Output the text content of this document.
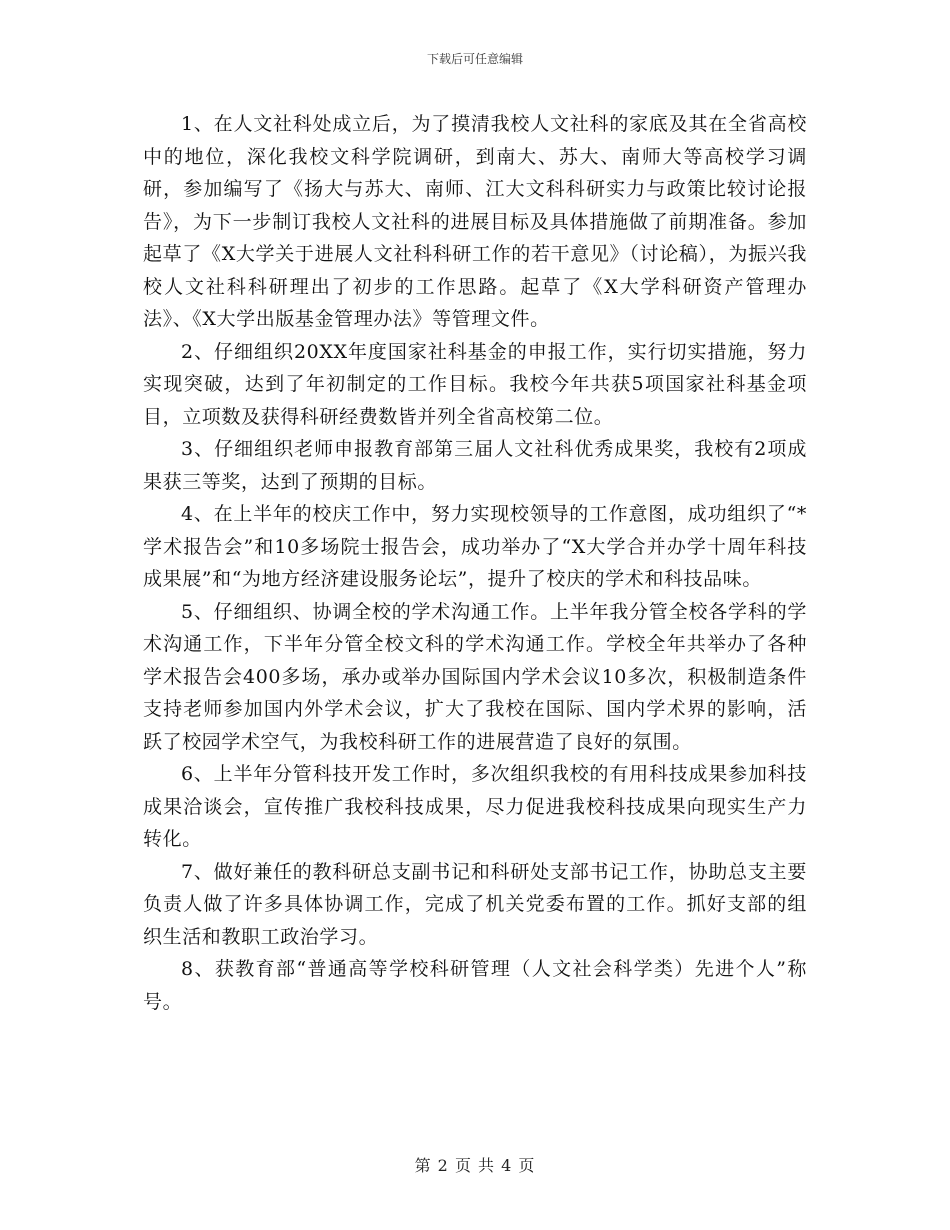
下载后可任意编辑

1、在人文社科处成立后，为了摸清我校人文社科的家底及其在全省高校中的地位，深化我校文科学院调研，到南大、苏大、南师大等高校学习调研，参加编写了《扬大与苏大、南师、江大文科科研实力与政策比较讨论报告》，为下一步制订我校人文社科的进展目标及具体措施做了前期准备。参加起草了《X大学关于进展人文社科科研工作的若干意见》（讨论稿），为振兴我校人文社科科研理出了初步的工作思路。起草了《X大学科研资产管理办法》、《X大学出版基金管理办法》等管理文件。

2、仔细组织20XX年度国家社科基金的申报工作，实行切实措施，努力实现突破，达到了年初制定的工作目标。我校今年共获5项国家社科基金项目，立项数及获得科研经费数皆并列全省高校第二位。

3、仔细组织老师申报教育部第三届人文社科优秀成果奖，我校有2项成果获三等奖，达到了预期的目标。

4、在上半年的校庆工作中，努力实现校领导的工作意图，成功组织了“*学术报告会”和10多场院士报告会，成功举办了“X大学合并办学十周年科技成果展”和“为地方经济建设服务论坛”，提升了校庆的学术和科技品味。

5、仔细组织、协调全校的学术沟通工作。上半年我分管全校各学科的学术沟通工作，下半年分管全校文科的学术沟通工作。学校全年共举办了各种学术报告会400多场，承办或举办国际国内学术会议10多次，积极制造条件支持老师参加国内外学术会议，扩大了我校在国际、国内学术界的影响，活跃了校园学术空气，为我校科研工作的进展营造了良好的氛围。

6、上半年分管科技开发工作时，多次组织我校的有用科技成果参加科技成果洽谈会，宣传推广我校科技成果，尽力促进我校科技成果向现实生产力转化。

7、做好兼任的教科研总支副书记和科研处支部书记工作，协助总支主要负责人做了许多具体协调工作，完成了机关党委布置的工作。抓好支部的组织生活和教职工政治学习。

8、获教育部“普通高等学校科研管理（人文社会科学类）先进个人”称号。

第 2 页 共 4 页
